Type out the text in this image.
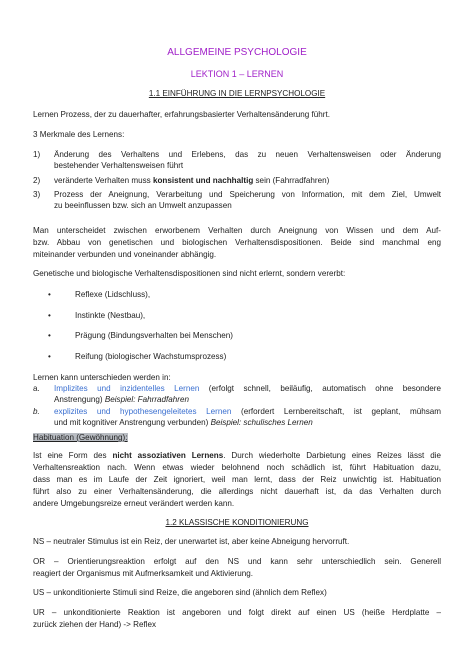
ALLGEMEINE PSYCHOLOGIE
LEKTION 1 – LERNEN
1.1 EINFÜHRUNG IN DIE LERNPSYCHOLOGIE
Lernen Prozess, der zu dauerhafter, erfahrungsbasierter Verhaltensänderung führt.
3 Merkmale des Lernens:
1) Änderung des Verhaltens und Erlebens, das zu neuen Verhaltensweisen oder Änderung
bestehender Verhaltensweisen führt
2) veränderte Verhalten muss konsistent und nachhaltig sein (Fahrradfahren)
3) Prozess der Aneignung, Verarbeitung und Speicherung von Information, mit dem Ziel, Umwelt
zu beeinflussen bzw. sich an Umwelt anzupassen
Man unterscheidet zwischen erworbenem Verhalten durch Aneignung von Wissen und dem Auf-
bzw. Abbau von genetischen und biologischen Verhaltensdispositionen. Beide sind manchmal eng
miteinander verbunden und voneinander abhängig.
Genetische und biologische Verhaltensdispositionen sind nicht erlernt, sondern vererbt:
•	Reflexe (Lidschluss),
•	Instinkte (Nestbau),
•	Prägung (Bindungsverhalten bei Menschen)
•	Reifung (biologischer Wachstumsprozess)
Lernen kann unterschieden werden in:
a. Implizites und inzidentelles Lernen (erfolgt schnell, beiläufig, automatisch ohne besondere
Anstrengung) Beispiel: Fahrradfahren
b. explizites und hypothesengeleitetes Lernen (erfordert Lernbereitschaft, ist geplant, mühsam
und mit kognitiver Anstrengung verbunden) Beispiel: schulisches Lernen
Habituation (Gewöhnung):
Ist eine Form des nicht assoziativen Lernens. Durch wiederholte Darbietung eines Reizes lässt die
Verhaltensreaktion nach. Wenn etwas wieder belohnend noch schädlich ist, führt Habituation dazu,
dass man es im Laufe der Zeit ignoriert, weil man lernt, dass der Reiz unwichtig ist. Habituation
führt also zu einer Verhaltensänderung, die allerdings nicht dauerhaft ist, da das Verhalten durch
andere Umgebungsreize erneut verändert werden kann.
1.2 KLASSISCHE KONDITIONIERUNG
NS – neutraler Stimulus ist ein Reiz, der unerwartet ist, aber keine Abneigung hervorruft.
OR – Orientierungsreaktion erfolgt auf den NS und kann sehr unterschiedlich sein. Generell
reagiert der Organismus mit Aufmerksamkeit und Aktivierung.
US – unkonditionierte Stimuli sind Reize, die angeboren sind (ähnlich dem Reflex)
UR – unkonditionierte Reaktion ist angeboren und folgt direkt auf einen US (heiße Herdplatte –
zurück ziehen der Hand) -> Reflex
